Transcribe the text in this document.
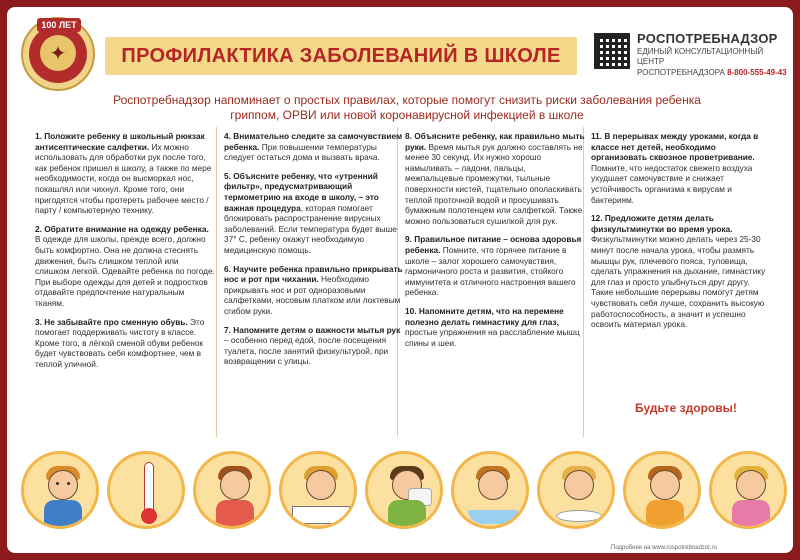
✦
100 ЛЕТ
ПРОФИЛАКТИКА ЗАБОЛЕВАНИЙ В ШКОЛЕ
РОСПОТРЕБНАДЗОР
ЕДИНЫЙ КОНСУЛЬТАЦИОННЫЙ ЦЕНТР
РОСПОТРЕБНАДЗОРА 8-800-555-49-43
Роспотребнадзор напоминает о простых правилах, которые помогут снизить риски заболевания ребенка гриппом, ОРВИ или новой коронавирусной инфекцией в школе

1. Положите ребенку в школьный рюкзак антисептические салфетки. Их можно использовать для обработки рук после того, как ребенок пришел в школу, а также по мере необходимости, когда он высморкал нос, покашлял или чихнул. Кроме того, они пригодятся чтобы протереть рабочее место / парту / компьютерную технику.

2. Обратите внимание на одежду ребенка. В одежде для школы, прежде всего, должно быть комфортно. Она не должна стеснять движения, быть слишком теплой или слишком легкой. Одевайте ребенка по погоде. При выборе одежды для детей и подростков отдавайте предпочтение натуральным тканям.

3. Не забывайте про сменную обувь. Это помогает поддерживать чистоту в классе. Кроме того, в лёгкой сменой обуви ребенок будет чувствовать себя комфортнее, чем в теплой уличной.

4. Внимательно следите за самочувствием ребенка. При повышении температуры следует остаться дома и вызвать врача.

5. Объясните ребенку, что «утренний фильтр», предусматривающий термометрию на входе в школу, – это важная процедура, которая помогает блокировать распространение вирусных заболеваний. Если температура будет выше 37° С, ребенку окажут необходимую медицинскую помощь.

6. Научите ребенка правильно прикрывать нос и рот при чихании. Необходимо прикрывать нос и рот одноразовыми салфетками, носовым платком или локтевым сгибом руки.

7. Напомните детям о важности мытья рук – особенно перед едой, после посещения туалета, после занятий физкультурой, при возвращении с улицы.

8. Объясните ребенку, как правильно мыть руки. Время мытья рук должно составлять не менее 30 секунд. Их нужно хорошо намыливать – ладони, пальцы, межпальцевые промежутки, тыльные поверхности кистей, тщательно ополаскивать теплой проточной водой и просушивать бумажным полотенцем или салфеткой. Также можно пользоваться сушилкой для рук.

9. Правильное питание – основа здоровья ребенка. Помните, что горячее питание в школе – залог хорошего самочувствия, гармоничного роста и развития, стойкого иммунитета и отличного настроения вашего ребенка.

10. Напомните детям, что на перемене полезно делать гимнастику для глаз, простые упражнения на расслабление мышц спины и шеи.

11. В перерывах между уроками, когда в классе нет детей, необходимо организовать сквозное проветривание. Помните, что недостаток свежего воздуха ухудшает самочувствие и снижает устойчивость организма к вирусам и бактериям.

12. Предложите детям делать физкультминутки во время урока. Физкультминутки можно делать через 25-30 минут после начала урока, чтобы размять мышцы рук, плечевого пояса, туловища, сделать упражнения на дыхание, гимнастику для глаз и просто улыбнуться друг другу. Такие небольшие перерывы помогут детям чувствовать себя лучше, сохранить высокую работоспособность, а значит и успешно освоить материал урока.

Будьте здоровы!
Подробнее на www.rospotrebnadzor.ru
